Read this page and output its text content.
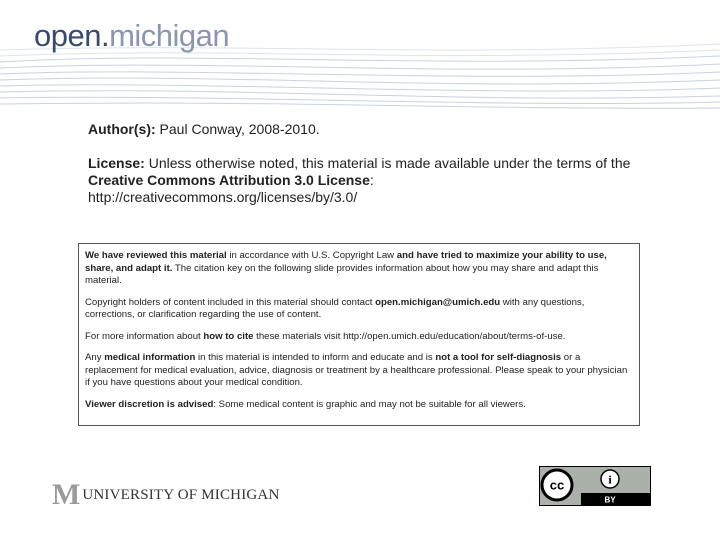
open.michigan

Author(s): Paul Conway, 2008-2010.

License: Unless otherwise noted, this material is made available under the terms of the Creative Commons Attribution 3.0 License:
http://creativecommons.org/licenses/by/3.0/

We have reviewed this material in accordance with U.S. Copyright Law and have tried to maximize your ability to use, share, and adapt it. The citation key on the following slide provides information about how you may share and adapt this material.

Copyright holders of content included in this material should contact open.michigan@umich.edu with any questions, corrections, or clarification regarding the use of content.

For more information about how to cite these materials visit http://open.umich.edu/education/about/terms-of-use.

Any medical information in this material is intended to inform and educate and is not a tool for self-diagnosis or a replacement for medical evaluation, advice, diagnosis or treatment by a healthcare professional. Please speak to your physician if you have questions about your medical condition.

Viewer discretion is advised: Some medical content is graphic and may not be suitable for all viewers.

M UNIVERSITY OF MICHIGAN
cc	i
BY
